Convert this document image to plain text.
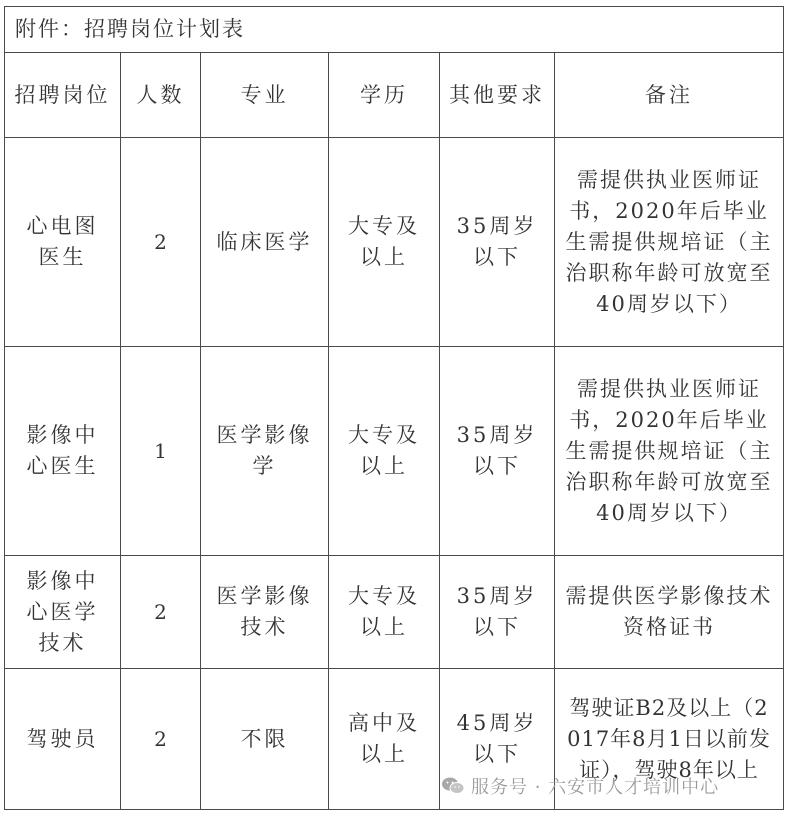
附件：招聘岗位计划表					
招聘岗位	人数	专业	学历	其他要求	备注
心电图医生	2	临床医学	大专及以上	35周岁以下	需提供执业医师证书，2020年后毕业生需提供规培证（主治职称年龄可放宽至40周岁以下）
影像中心医生	1	医学影像学	大专及以上	35周岁以下	需提供执业医师证书，2020年后毕业生需提供规培证（主治职称年龄可放宽至40周岁以下）
影像中心医学技术	2	医学影像技术	大专及以上	35周岁以下	需提供医学影像技术资格证书
驾驶员	2	不限	高中及以上	45周岁以下	驾驶证B2及以上（2017年8月1日以前发证），驾驶8年以上
服务号 · 六安市人才培训中心
